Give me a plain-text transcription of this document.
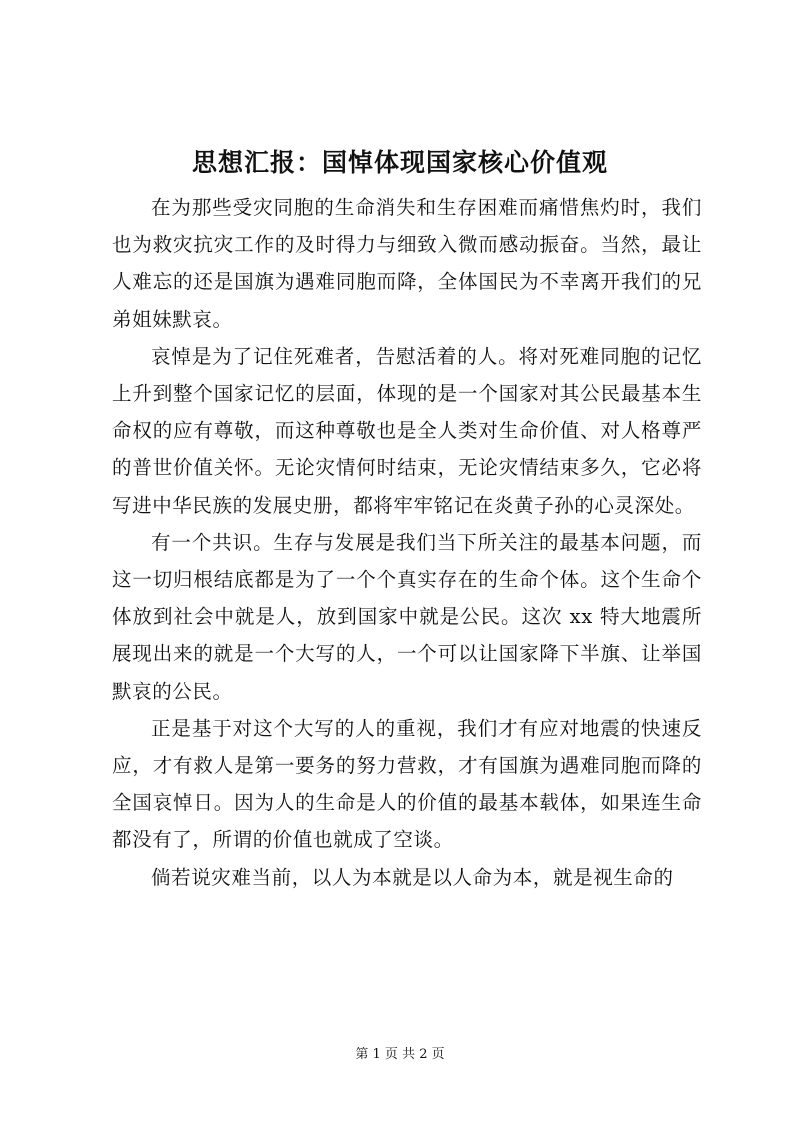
思想汇报：国悼体现国家核心价值观

在为那些受灾同胞的生命消失和生存困难而痛惜焦灼时，我们也为救灾抗灾工作的及时得力与细致入微而感动振奋。当然，最让人难忘的还是国旗为遇难同胞而降，全体国民为不幸离开我们的兄弟姐妹默哀。

哀悼是为了记住死难者，告慰活着的人。将对死难同胞的记忆上升到整个国家记忆的层面，体现的是一个国家对其公民最基本生命权的应有尊敬，而这种尊敬也是全人类对生命价值、对人格尊严的普世价值关怀。无论灾情何时结束，无论灾情结束多久，它必将写进中华民族的发展史册，都将牢牢铭记在炎黄子孙的心灵深处。

有一个共识。生存与发展是我们当下所关注的最基本问题，而这一切归根结底都是为了一个个真实存在的生命个体。这个生命个体放到社会中就是人，放到国家中就是公民。这次 xx 特大地震所展现出来的就是一个大写的人，一个可以让国家降下半旗、让举国默哀的公民。

正是基于对这个大写的人的重视，我们才有应对地震的快速反应，才有救人是第一要务的努力营救，才有国旗为遇难同胞而降的全国哀悼日。因为人的生命是人的价值的最基本载体，如果连生命都没有了，所谓的价值也就成了空谈。

倘若说灾难当前，以人为本就是以人命为本，就是视生命的

第 1 页 共 2 页
